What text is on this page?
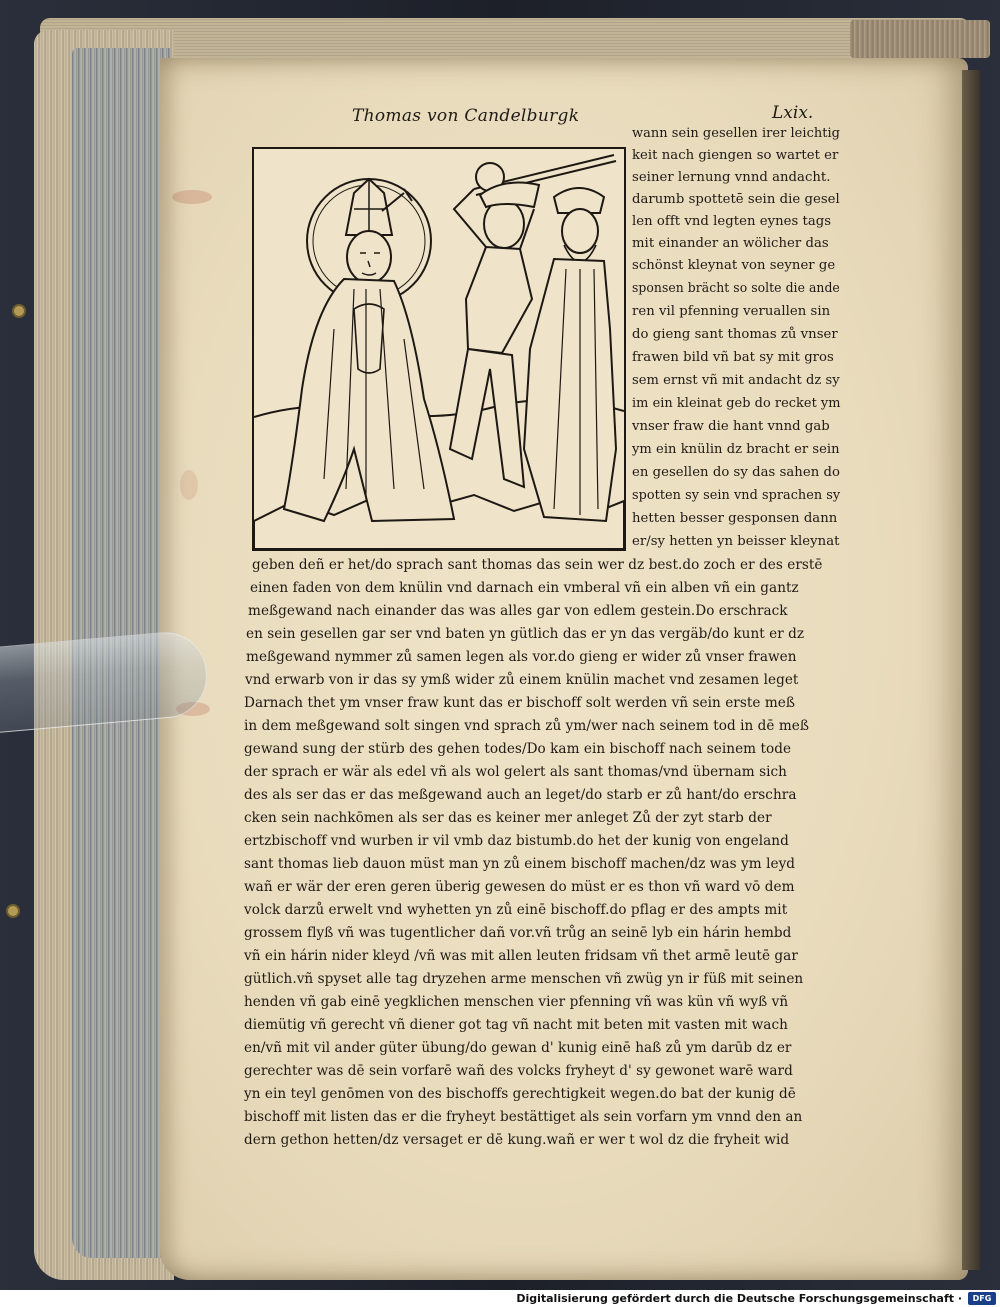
Thomas von Candelburgk	Lxix.
wann sein gesellen irer leichtig
keit nach giengen so wartet er
seiner lernung vnnd andacht.
darumb spottetē sein die gesel
len offt vnd legten eynes tags
mit einander an wölicher das
schönst kleynat von seyner ge
sponsen brächt so solte die ande
ren vil pfenning veruallen sin
do gieng sant thomas zů vnser
frawen bild vñ bat sy mit gros
sem ernst vñ mit andacht dz sy
im ein kleinat geb do recket ym
vnser fraw die hant vnnd gab
ym ein knülin dz bracht er sein
en gesellen do sy das sahen do
spotten sy sein vnd sprachen sy
hetten besser gesponsen dann
er/sy hetten yn beisser kleynat
geben deñ er het/do sprach sant thomas das sein wer dz best.do zoch er des erstē
einen faden von dem knülin vnd darnach ein vmberal vñ ein alben vñ ein gantz
meßgewand nach einander das was alles gar von edlem gestein.Do erschrack
en sein gesellen gar ser vnd baten yn gütlich das er yn das vergäb/do kunt er dz
meßgewand nymmer zů samen legen als vor.do gieng er wider zů vnser frawen
vnd erwarb von ir das sy ymß wider zů einem knülin machet vnd zesamen leget
Darnach thet ym vnser fraw kunt das er bischoff solt werden vñ sein erste meß
in dem meßgewand solt singen vnd sprach zů ym/wer nach seinem tod in dē meß
gewand sung der stürb des gehen todes/Do kam ein bischoff nach seinem tode
der sprach er wär als edel vñ als wol gelert als sant thomas/vnd übernam sich
des als ser das er das meßgewand auch an leget/do starb er zů hant/do erschra
cken sein nachkōmen als ser das es keiner mer anleget Zů der zyt starb der
ertzbischoff vnd wurben ir vil vmb daz bistumb.do het der kunig von engeland
sant thomas lieb dauon müst man yn zů einem bischoff machen/dz was ym leyd
wañ er wär der eren geren überig gewesen do müst er es thon vñ ward vō dem
volck darzů erwelt vnd wyhetten yn zů einē bischoff.do pflag er des ampts mit
grossem flyß vñ was tugentlicher dañ vor.vñ trůg an seinē lyb ein hárin hembd
vñ ein hárin nider kleyd /vñ was mit allen leuten fridsam vñ thet armē leutē gar
gütlich.vñ spyset alle tag dryzehen arme menschen vñ zwüg yn ir füß mit seinen
henden vñ gab einē yegklichen menschen vier pfenning vñ was kün vñ wyß vñ
diemütig vñ gerecht vñ diener got tag vñ nacht mit beten mit vasten mit wach
en/vñ mit vil ander güter übung/do gewan d' kunig einē haß zů ym darūb dz er
gerechter was dē sein vorfarē wañ des volcks fryheyt d' sy gewonet warē ward
yn ein teyl genōmen von des bischoffs gerechtigkeit wegen.do bat der kunig dē
bischoff mit listen das er die fryheyt bestättiget als sein vorfarn ym vnnd den an
dern gethon hetten/dz versaget er dē kung.wañ er wer t wol dz die fryheit wid
Digitalisierung gefördert durch die Deutsche Forschungsgemeinschaft ·	DFG
